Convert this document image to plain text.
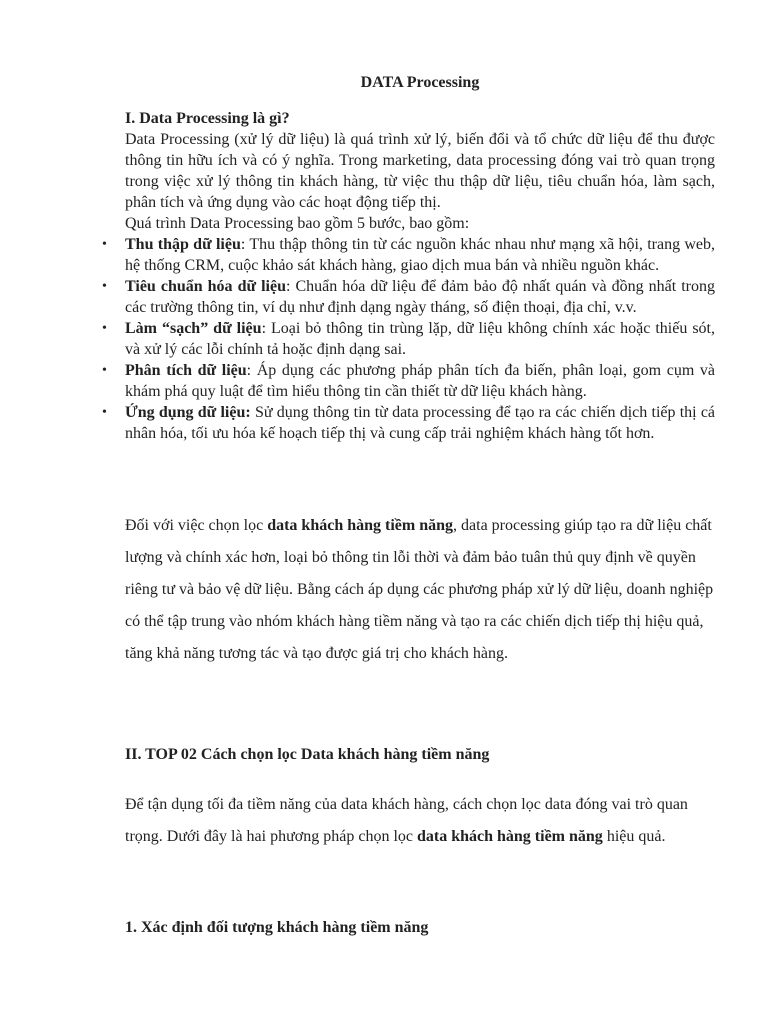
DATA Processing
I. Data Processing là gì?

Data Processing (xử lý dữ liệu) là quá trình xử lý, biến đổi và tổ chức dữ liệu để thu được thông tin hữu ích và có ý nghĩa. Trong marketing, data processing đóng vai trò quan trọng trong việc xử lý thông tin khách hàng, từ việc thu thập dữ liệu, tiêu chuẩn hóa, làm sạch, phân tích và ứng dụng vào các hoạt động tiếp thị.

Quá trình Data Processing bao gồm 5 bước, bao gồm:

• Thu thập dữ liệu: Thu thập thông tin từ các nguồn khác nhau như mạng xã hội, trang web, hệ thống CRM, cuộc khảo sát khách hàng, giao dịch mua bán và nhiều nguồn khác.
• Tiêu chuẩn hóa dữ liệu: Chuẩn hóa dữ liệu để đảm bảo độ nhất quán và đồng nhất trong các trường thông tin, ví dụ như định dạng ngày tháng, số điện thoại, địa chỉ, v.v.
• Làm “sạch” dữ liệu: Loại bỏ thông tin trùng lặp, dữ liệu không chính xác hoặc thiếu sót, và xử lý các lỗi chính tả hoặc định dạng sai.
• Phân tích dữ liệu: Áp dụng các phương pháp phân tích đa biến, phân loại, gom cụm và khám phá quy luật để tìm hiểu thông tin cần thiết từ dữ liệu khách hàng.
• Ứng dụng dữ liệu: Sử dụng thông tin từ data processing để tạo ra các chiến dịch tiếp thị cá nhân hóa, tối ưu hóa kế hoạch tiếp thị và cung cấp trải nghiệm khách hàng tốt hơn.

Đối với việc chọn lọc data khách hàng tiềm năng, data processing giúp tạo ra dữ liệu chất lượng và chính xác hơn, loại bỏ thông tin lỗi thời và đảm bảo tuân thủ quy định về quyền riêng tư và bảo vệ dữ liệu. Bằng cách áp dụng các phương pháp xử lý dữ liệu, doanh nghiệp có thể tập trung vào nhóm khách hàng tiềm năng và tạo ra các chiến dịch tiếp thị hiệu quả, tăng khả năng tương tác và tạo được giá trị cho khách hàng.

II. TOP 02 Cách chọn lọc Data khách hàng tiềm năng

Để tận dụng tối đa tiềm năng của data khách hàng, cách chọn lọc data đóng vai trò quan trọng. Dưới đây là hai phương pháp chọn lọc data khách hàng tiềm năng hiệu quả.

1. Xác định đối tượng khách hàng tiềm năng
